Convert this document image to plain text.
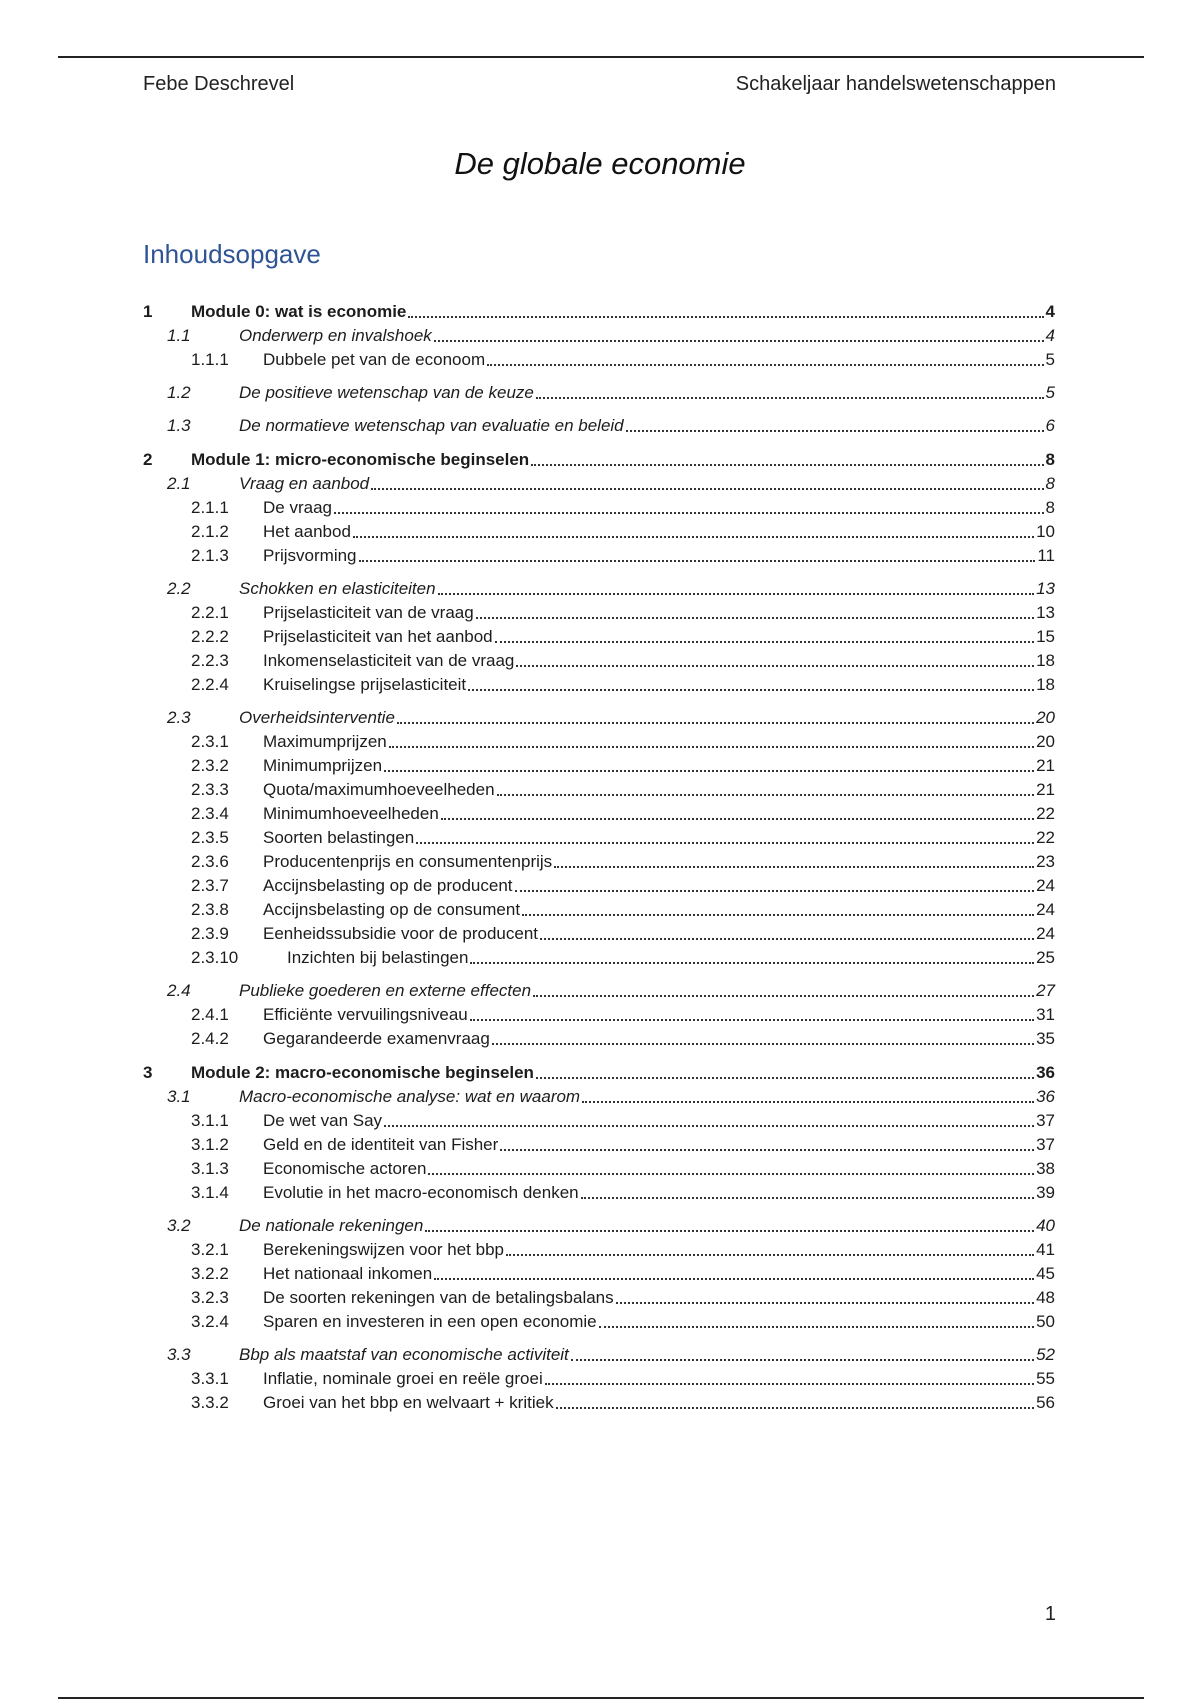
Febe Deschrevel	Schakeljaar handelswetenschappen
De globale economie
Inhoudsopgave
1	Module 0: wat is economie	4
1.1	Onderwerp en invalshoek	4
1.1.1	Dubbele pet van de econoom	5
1.2	De positieve wetenschap van de keuze	5
1.3	De normatieve wetenschap van evaluatie en beleid	6
2	Module 1: micro-economische beginselen	8
2.1	Vraag en aanbod	8
2.1.1	De vraag	8
2.1.2	Het aanbod	10
2.1.3	Prijsvorming	11
2.2	Schokken en elasticiteiten	13
2.2.1	Prijselasticiteit van de vraag	13
2.2.2	Prijselasticiteit van het aanbod	15
2.2.3	Inkomenselasticiteit van de vraag	18
2.2.4	Kruiselingse prijselasticiteit	18
2.3	Overheidsinterventie	20
2.3.1	Maximumprijzen	20
2.3.2	Minimumprijzen	21
2.3.3	Quota/maximumhoeveelheden	21
2.3.4	Minimumhoeveelheden	22
2.3.5	Soorten belastingen	22
2.3.6	Producentenprijs en consumentenprijs	23
2.3.7	Accijnsbelasting op de producent	24
2.3.8	Accijnsbelasting op de consument	24
2.3.9	Eenheidssubsidie voor de producent	24
2.3.10	Inzichten bij belastingen	25
2.4	Publieke goederen en externe effecten	27
2.4.1	Efficiënte vervuilingsniveau	31
2.4.2	Gegarandeerde examenvraag	35
3	Module 2: macro-economische beginselen	36
3.1	Macro-economische analyse: wat en waarom	36
3.1.1	De wet van Say	37
3.1.2	Geld en de identiteit van Fisher	37
3.1.3	Economische actoren	38
3.1.4	Evolutie in het macro-economisch denken	39
3.2	De nationale rekeningen	40
3.2.1	Berekeningswijzen voor het bbp	41
3.2.2	Het nationaal inkomen	45
3.2.3	De soorten rekeningen van de betalingsbalans	48
3.2.4	Sparen en investeren in een open economie	50
3.3	Bbp als maatstaf van economische activiteit	52
3.3.1	Inflatie, nominale groei en reële groei	55
3.3.2	Groei van het bbp en welvaart + kritiek	56
1
